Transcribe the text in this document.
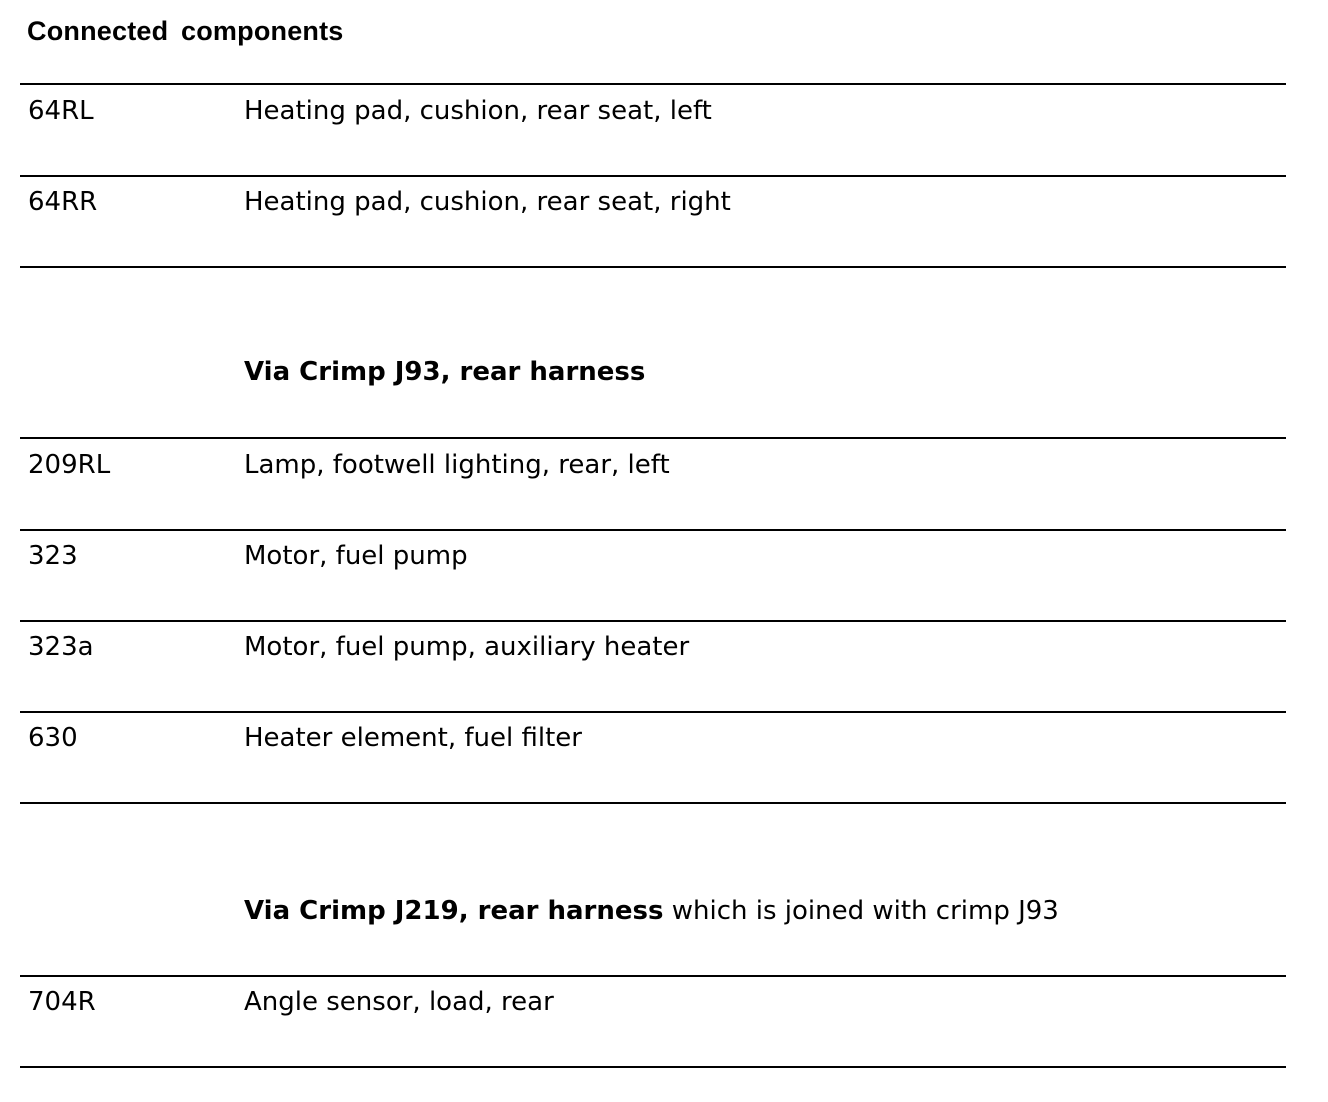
Connected components
64RL	Heating pad, cushion, rear seat, left
64RR	Heating pad, cushion, rear seat, right
Via Crimp J93, rear harness
209RL	Lamp, footwell lighting, rear, left
323	Motor, fuel pump
323a	Motor, fuel pump, auxiliary heater
630	Heater element, fuel filter
Via Crimp J219, rear harness which is joined with crimp J93
704R	Angle sensor, load, rear
